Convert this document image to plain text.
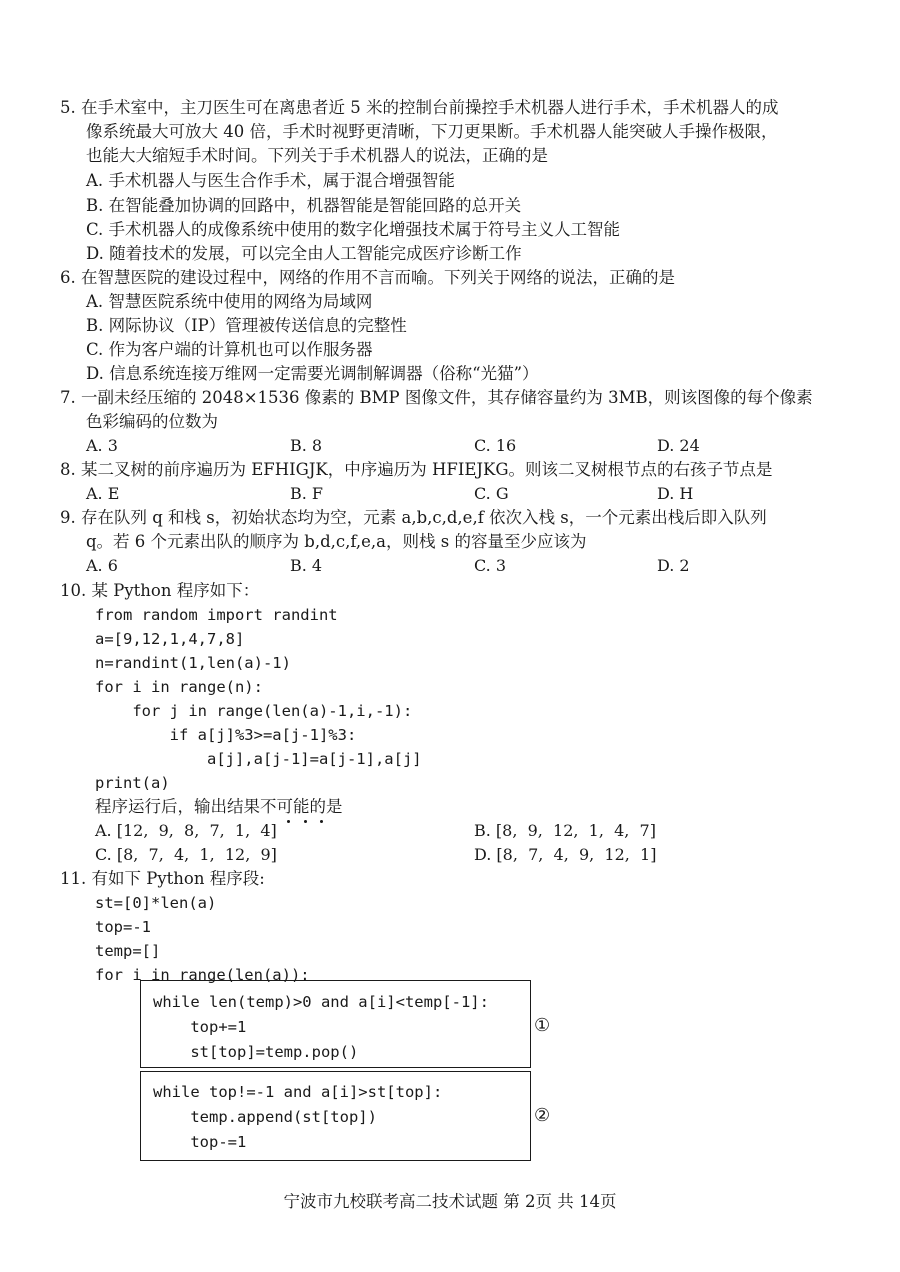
5. 在手术室中，主刀医生可在离患者近 5 米的控制台前操控手术机器人进行手术，手术机器人的成
像系统最大可放大 40 倍，手术时视野更清晰，下刀更果断。手术机器人能突破人手操作极限，
也能大大缩短手术时间。下列关于手术机器人的说法，正确的是
A. 手术机器人与医生合作手术，属于混合增强智能
B. 在智能叠加协调的回路中，机器智能是智能回路的总开关
C. 手术机器人的成像系统中使用的数字化增强技术属于符号主义人工智能
D. 随着技术的发展，可以完全由人工智能完成医疗诊断工作
6. 在智慧医院的建设过程中，网络的作用不言而喻。下列关于网络的说法，正确的是
A. 智慧医院系统中使用的网络为局域网
B. 网际协议（IP）管理被传送信息的完整性
C. 作为客户端的计算机也可以作服务器
D. 信息系统连接万维网一定需要光调制解调器（俗称“光猫”）
7. 一副未经压缩的 2048×1536 像素的 BMP 图像文件，其存储容量约为 3MB，则该图像的每个像素
色彩编码的位数为
A. 3	B. 8	C. 16	D. 24
8. 某二叉树的前序遍历为 EFHIGJK，中序遍历为 HFIEJKG。则该二叉树根节点的右孩子节点是
A. E	B. F	C. G	D. H
9. 存在队列 q 和栈 s，初始状态均为空，元素 a,b,c,d,e,f 依次入栈 s，一个元素出栈后即入队列
q。若 6 个元素出队的顺序为 b,d,c,f,e,a，则栈 s 的容量至少应该为
A. 6	B. 4	C. 3	D. 2
10. 某 Python 程序如下：
from random import randint
a=[9,12,1,4,7,8]
n=randint(1,len(a)-1)
for i in range(n):
for j in range(len(a)-1,i,-1):
if a[j]%3>=a[j-1]%3:
a[j],a[j-1]=a[j-1],a[j]
print(a)
程序运行后，输出结果不可能的是
A. [12,  9,  8,  7,  1,  4]	B. [8,  9,  12,  1,  4,  7]
C. [8,  7,  4,  1,  12,  9]	D. [8,  7,  4,  9,  12,  1]
11. 有如下 Python 程序段:
st=[0]*len(a)
top=-1
temp=[]
for i in range(len(a)):
while len(temp)>0 and a[i]<temp[-1]:
top+=1
st[top]=temp.pop()
①
while top!=-1 and a[i]>st[top]:
temp.append(st[top])
top-=1
②
宁波市九校联考高二技术试题 第 2页 共 14页
